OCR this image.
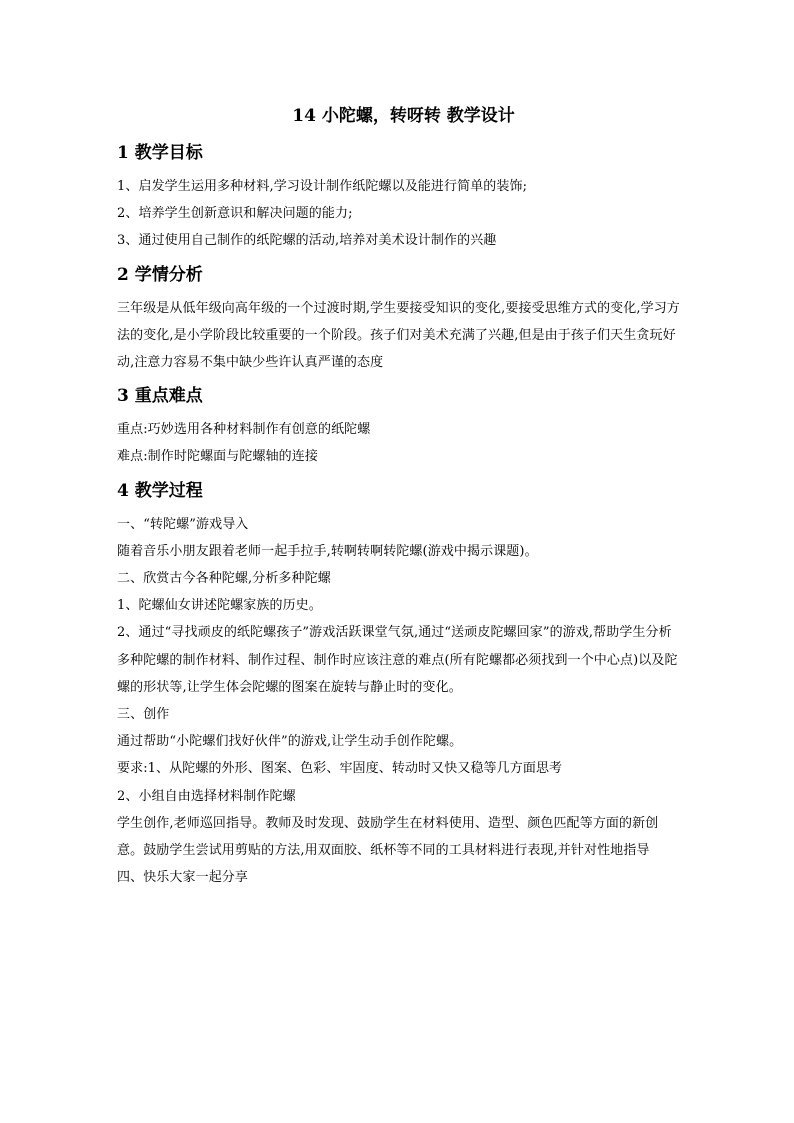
14 小陀螺，转呀转 教学设计
1 教学目标

1、启发学生运用多种材料,学习设计制作纸陀螺以及能进行简单的装饰;

2、培养学生创新意识和解决问题的能力;

3、通过使用自己制作的纸陀螺的活动,培养对美术设计制作的兴趣

2 学情分析

三年级是从低年级向高年级的一个过渡时期,学生要接受知识的变化,要接受思维方式的变化,学习方法的变化,是小学阶段比较重要的一个阶段。孩子们对美术充满了兴趣,但是由于孩子们天生贪玩好动,注意力容易不集中缺少些许认真严谨的态度

3 重点难点

重点:巧妙选用各种材料制作有创意的纸陀螺

难点:制作时陀螺面与陀螺轴的连接

4 教学过程

一、“转陀螺”游戏导入

随着音乐小朋友跟着老师一起手拉手,转啊转啊转陀螺(游戏中揭示课题)。

二、欣赏古今各种陀螺,分析多种陀螺

1、陀螺仙女讲述陀螺家族的历史。

2、通过“寻找顽皮的纸陀螺孩子”游戏活跃课堂气氛,通过“送顽皮陀螺回家”的游戏,帮助学生分析多种陀螺的制作材料、制作过程、制作时应该注意的难点(所有陀螺都必须找到一个中心点)以及陀螺的形状等,让学生体会陀螺的图案在旋转与静止时的变化。

三、创作

通过帮助“小陀螺们找好伙伴”的游戏,让学生动手创作陀螺。

要求:1、从陀螺的外形、图案、色彩、牢固度、转动时又快又稳等几方面思考

2、小组自由选择材料制作陀螺

学生创作,老师巡回指导。教师及时发现、鼓励学生在材料使用、造型、颜色匹配等方面的新创意。鼓励学生尝试用剪贴的方法,用双面胶、纸杯等不同的工具材料进行表现,并针对性地指导

四、快乐大家一起分享
